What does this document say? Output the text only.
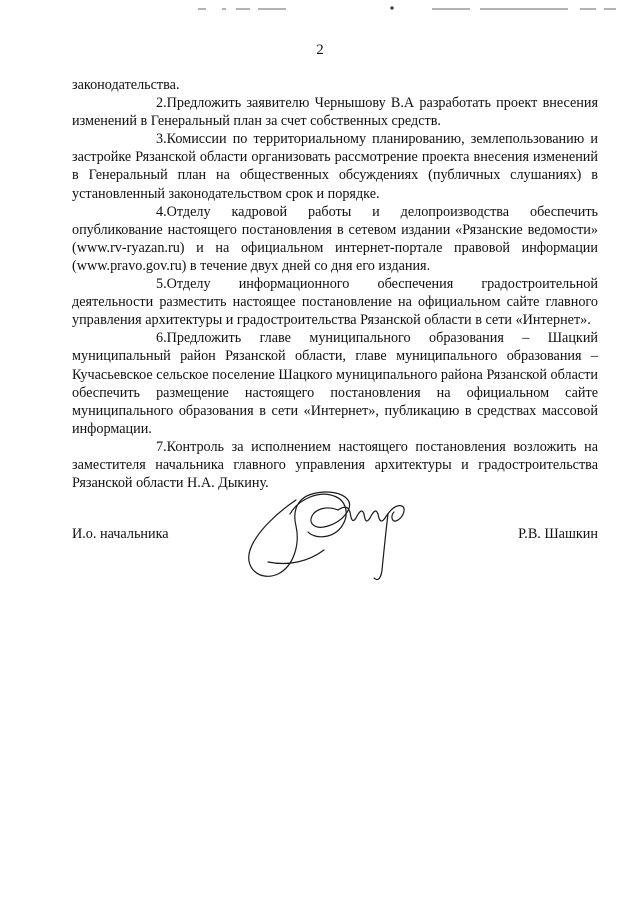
2

законодательства.

2.Предложить заявителю Чернышову В.А разработать проект внесения изменений в Генеральный план за счет собственных средств.

3.Комиссии по территориальному планированию, землепользованию и застройке Рязанской области организовать рассмотрение проекта внесения изменений в Генеральный план на общественных обсуждениях (публичных слушаниях) в установленный законодательством срок и порядке.

4.Отделу кадровой работы и делопроизводства обеспечить опубликование настоящего постановления в сетевом издании «Рязанские ведомости» (www.rv-ryazan.ru) и на официальном интернет-портале правовой информации (www.pravo.gov.ru) в течение двух дней со дня его издания.

5.Отделу информационного обеспечения градостроительной деятельности разместить настоящее постановление на официальном сайте главного управления архитектуры и градостроительства Рязанской области в сети «Интернет».

6.Предложить главе муниципального образования – Шацкий муниципальный район Рязанской области, главе муниципального образования – Кучасьевское сельское поселение Шацкого муниципального района Рязанской области обеспечить размещение настоящего постановления на официальном сайте муниципального образования в сети «Интернет», публикацию в средствах массовой информации.

7.Контроль за исполнением настоящего постановления возложить на заместителя начальника главного управления архитектуры и градостроительства Рязанской области Н.А. Дыкину.

И.о. начальника	Р.В. Шашкин
